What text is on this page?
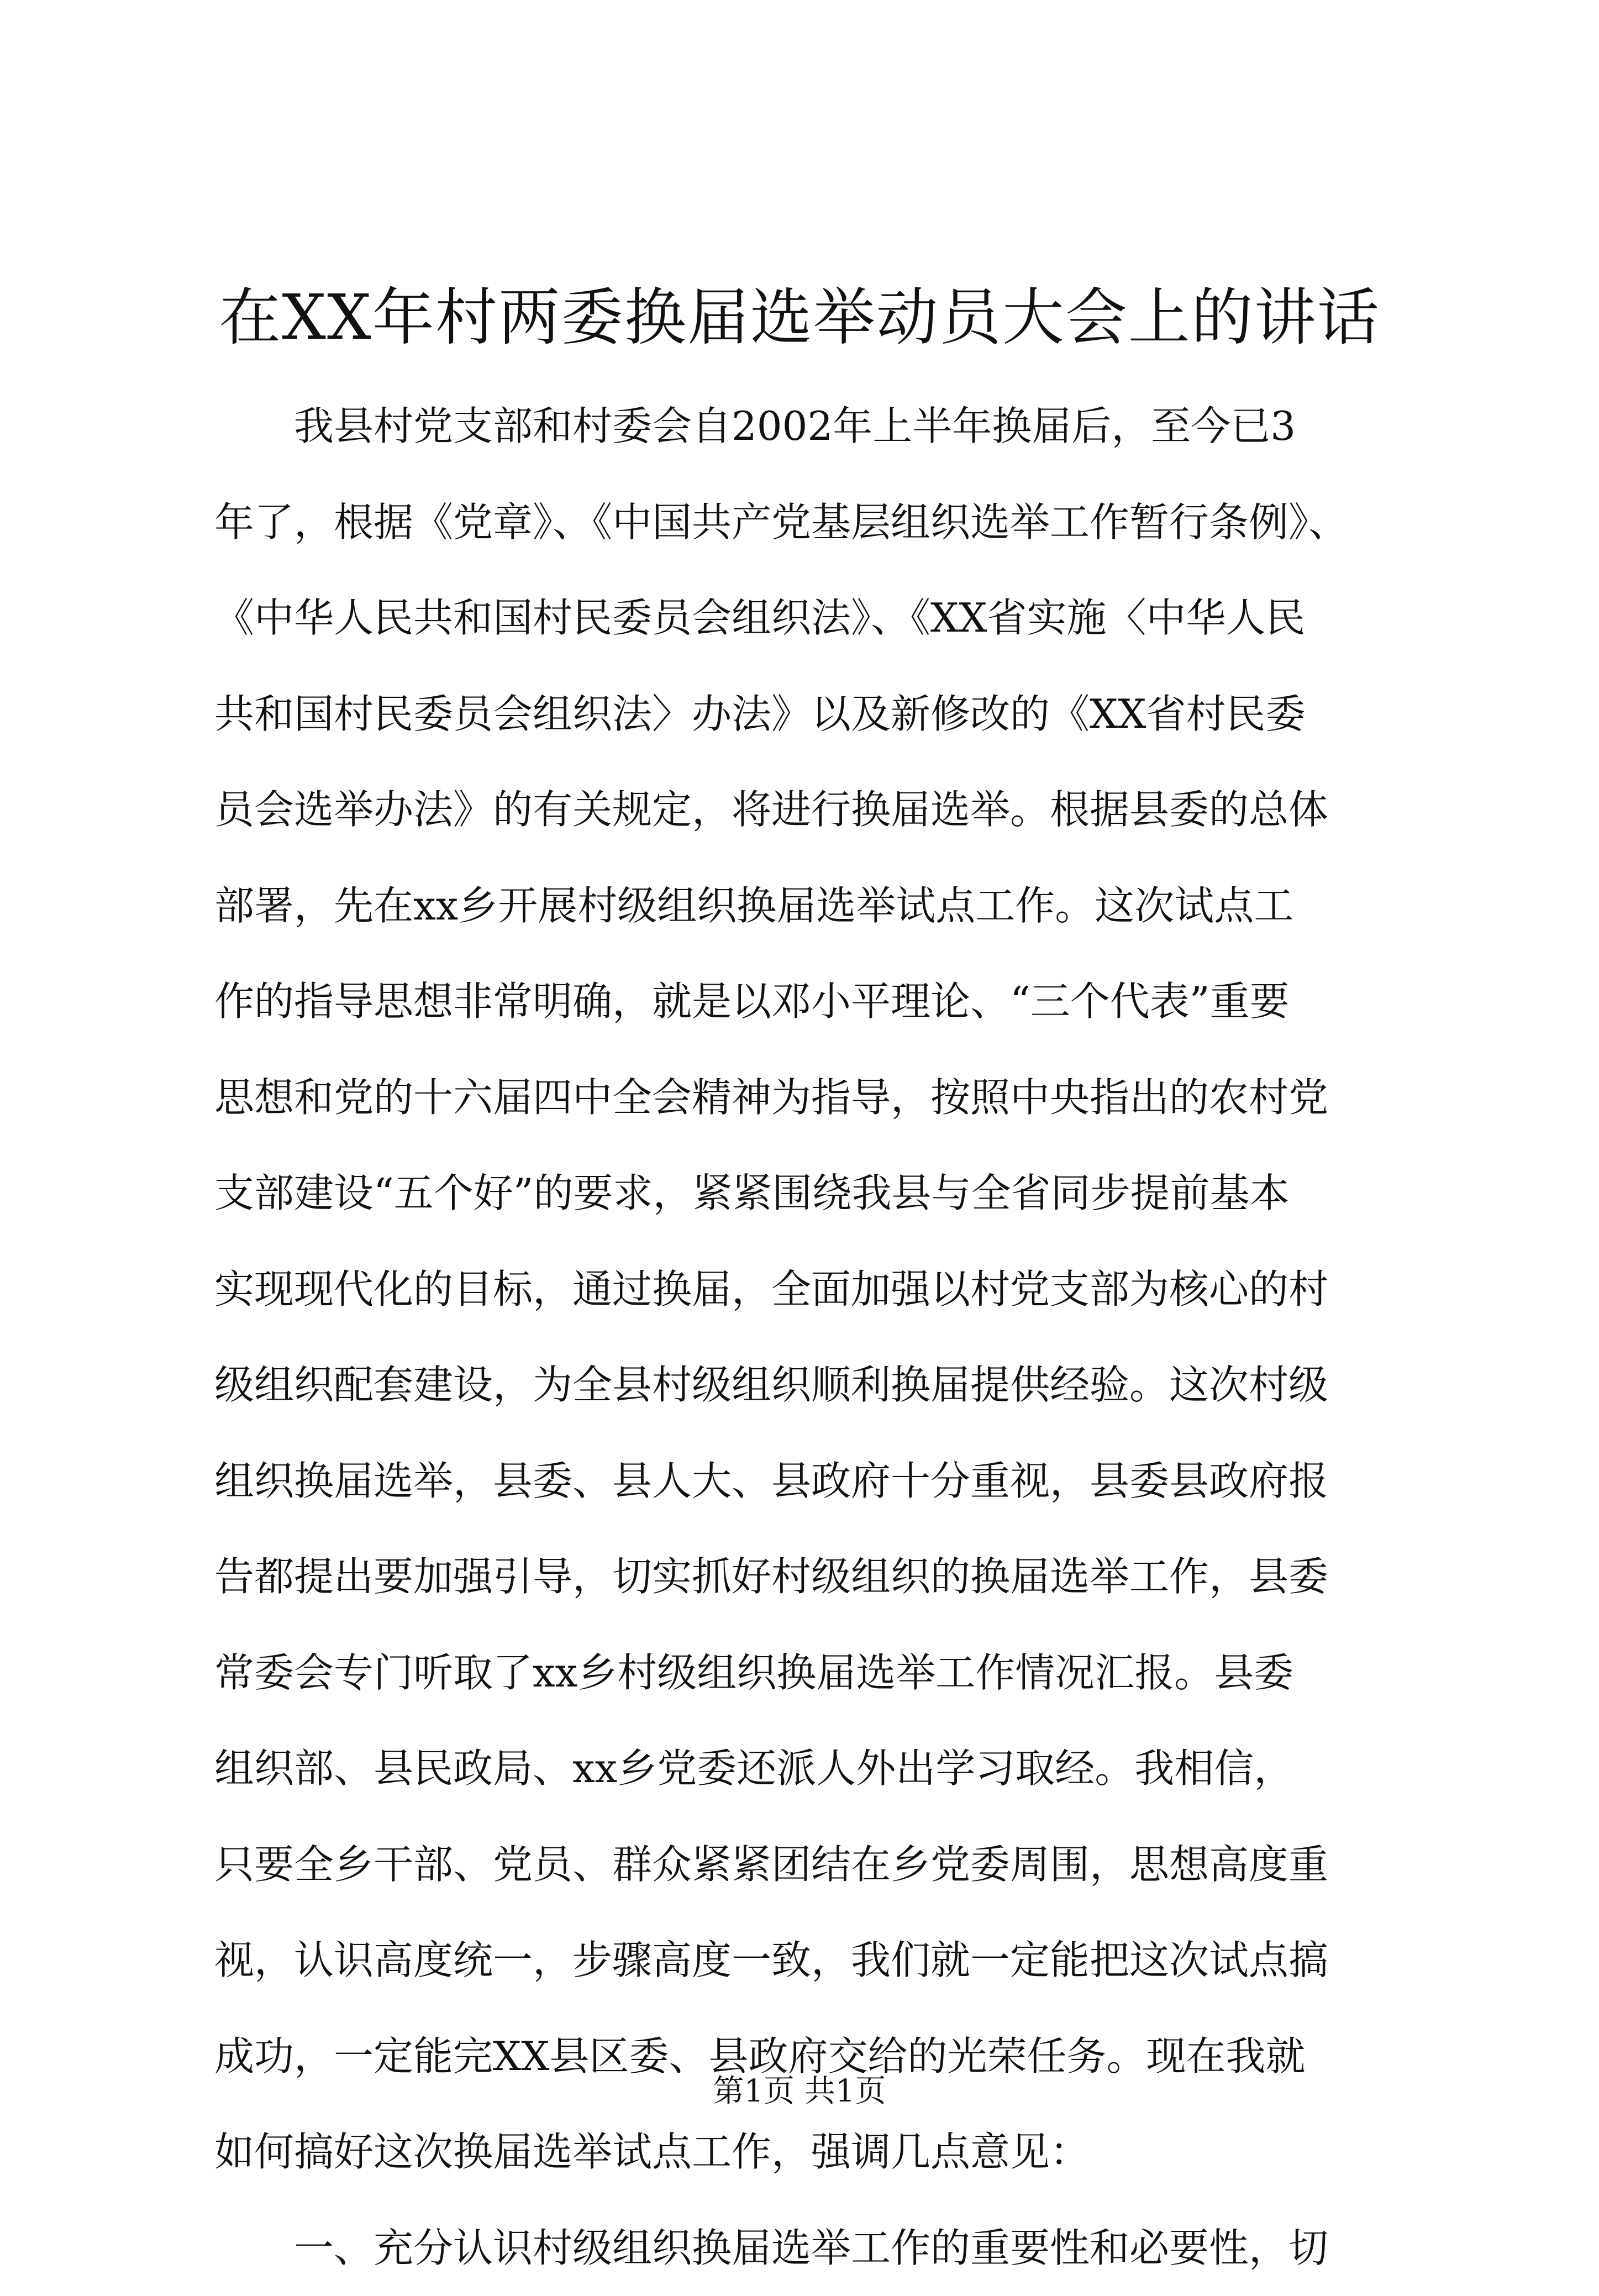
在XX年村两委换届选举动员大会上的讲话
　　我县村党支部和村委会自2002年上半年换届后，至今已3
年了，根据《党章》、《中国共产党基层组织选举工作暂行条例》、
《中华人民共和国村民委员会组织法》、《XX省实施〈中华人民
共和国村民委员会组织法〉办法》以及新修改的《XX省村民委
员会选举办法》的有关规定，将进行换届选举。根据县委的总体
部署，先在xx乡开展村级组织换届选举试点工作。这次试点工
作的指导思想非常明确，就是以邓小平理论、“三个代表”重要
思想和党的十六届四中全会精神为指导，按照中央指出的农村党
支部建设“五个好”的要求，紧紧围绕我县与全省同步提前基本
实现现代化的目标，通过换届，全面加强以村党支部为核心的村
级组织配套建设，为全县村级组织顺利换届提供经验。这次村级
组织换届选举，县委、县人大、县政府十分重视，县委县政府报
告都提出要加强引导，切实抓好村级组织的换届选举工作，县委
常委会专门听取了xx乡村级组织换届选举工作情况汇报。县委
组织部、县民政局、xx乡党委还派人外出学习取经。我相信，
只要全乡干部、党员、群众紧紧团结在乡党委周围，思想高度重
视，认识高度统一，步骤高度一致，我们就一定能把这次试点搞
成功，一定能完XX县区委、县政府交给的光荣任务。现在我就
如何搞好这次换届选举试点工作，强调几点意见：
　　一、充分认识村级组织换届选举工作的重要性和必要性，切
第1页 共1页
